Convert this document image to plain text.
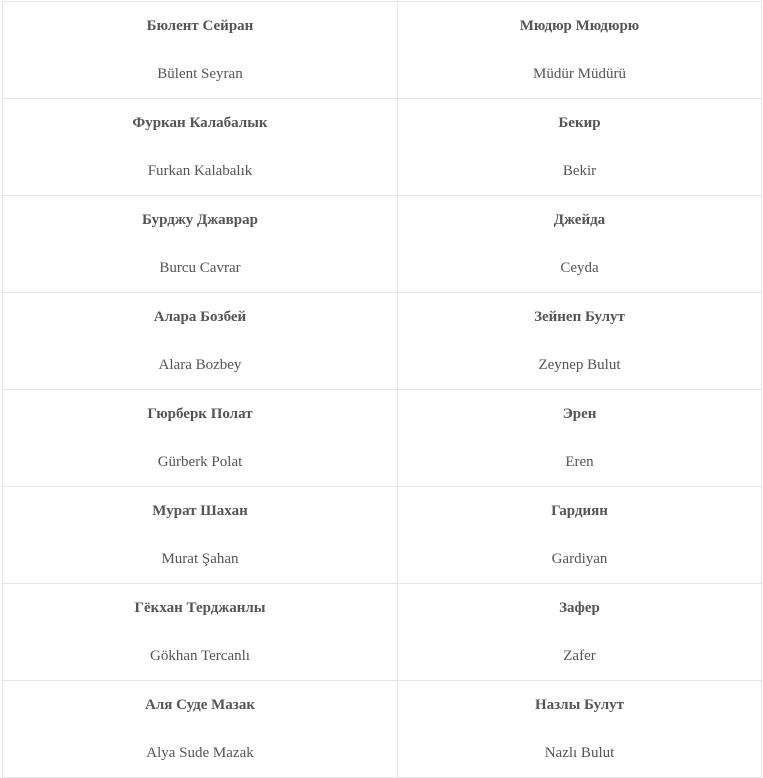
Бюлент Сейран
Bülent Seyran
Мюдюр Мюдюрю
Müdür Müdürü
Фуркан Калабалык
Furkan Kalabalık
Бекир
Bekir
Бурджу Джаврар
Burcu Cavrar
Джейда
Ceyda
Алара Бозбей
Alara Bozbey
Зейнеп Булут
Zeynep Bulut
Гюрберк Полат
Gürberk Polat
Эрен
Eren
Мурат Шахан
Murat Şahan
Гардиян
Gardiyan
Гёкхан Терджанлы
Gökhan Tercanlı
Зафер
Zafer
Аля Суде Мазак
Alya Sude Mazak
Назлы Булут
Nazlı Bulut
